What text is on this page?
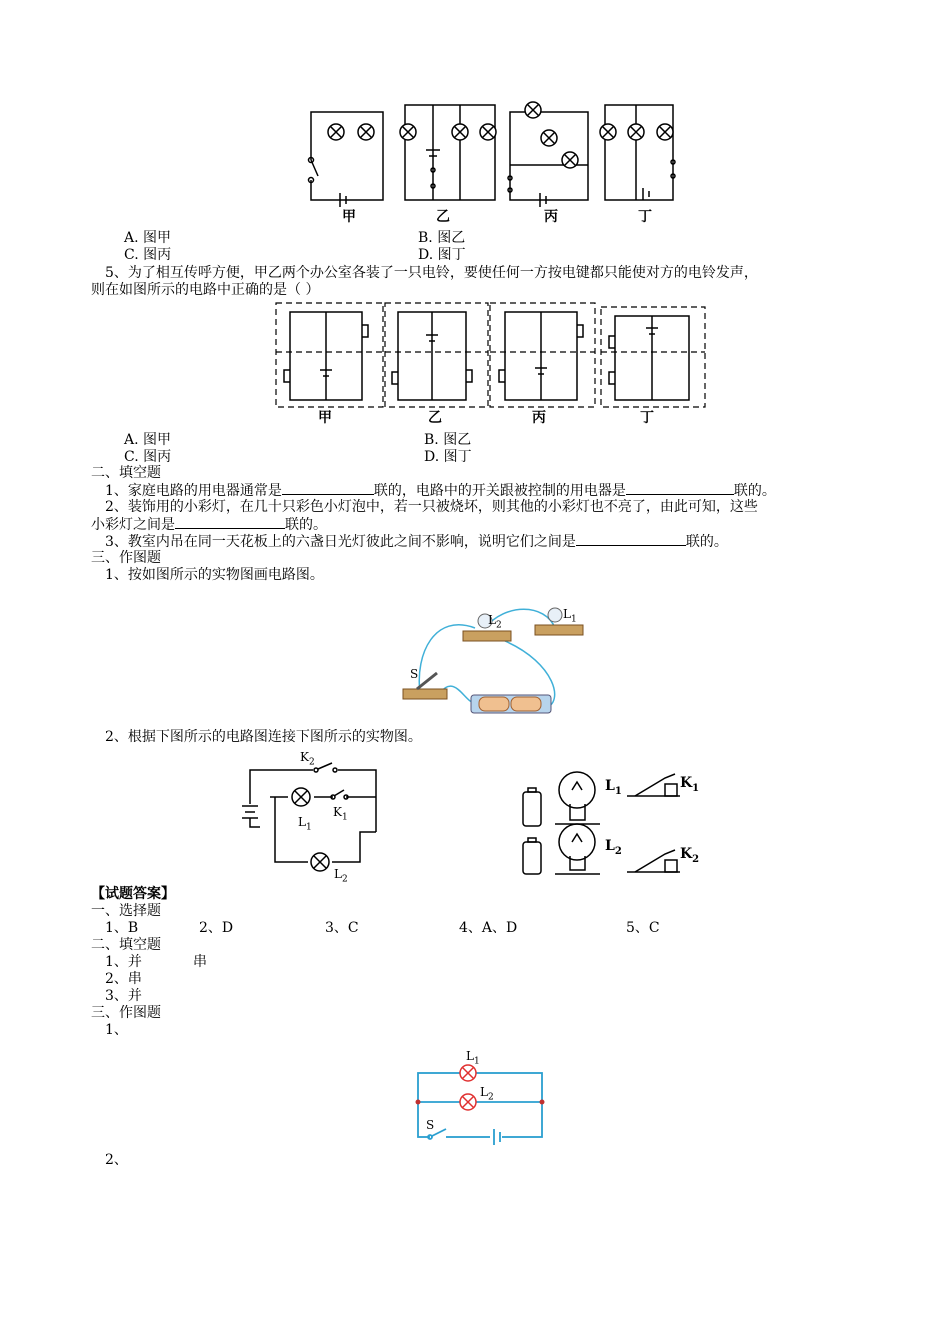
甲	乙	丙	丁
A. 图甲	B. 图乙
C. 图丙	D. 图丁
5、为了相互传呼方便，甲乙两个办公室各装了一只电铃，要使任何一方按电键都只能使对方的电铃发声，
则在如图所示的电路中正确的是（ ）
甲	乙	丙	丁
A. 图甲	B. 图乙
C. 图丙	D. 图丁
二、填空题
1、家庭电路的用电器通常是	联的，电路中的开关跟被控制的用电器是	联的。
2、装饰用的小彩灯，在几十只彩色小灯泡中，若一只被烧坏，则其他的小彩灯也不亮了，由此可知，这些
小彩灯之间是	联的。
3、教室内吊在同一天花板上的六盏日光灯彼此之间不影响，说明它们之间是	联的。
三、作图题
1、按如图所示的实物图画电路图。
$L_2$
$L_1$
S
2、根据下图所示的电路图连接下图所示的实物图。
$K_2$
$K_1$
$L_1$
$L_2$
$L_1$
$K_1$
$L_2$	$K_2$
【试题答案】
一、选择题
1、B	2、D	3、C	4、A、D	5、C
二、填空题
1、并	串
2、串
3、并
三、作图题
1、
$L_1$
$L_2$
S
2、
